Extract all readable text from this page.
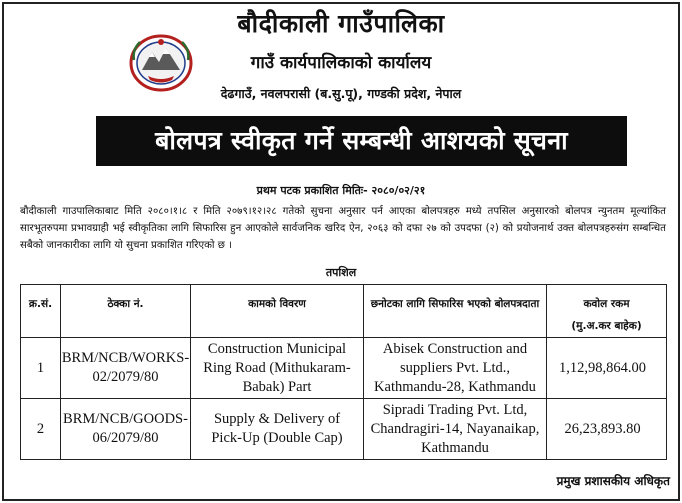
बौदीकाली गाउँपालिका
गाउँ कार्यपालिकाको कार्यालय
देढगाउँ, नवलपरासी (ब.सु.पू), गण्डकी प्रदेश, नेपाल
बोलपत्र स्वीकृत गर्ने सम्बन्धी आशयको सूचना
प्रथम पटक प्रकाशित मितिः- २०८०/०२/२१
बौदीकाली गाउपालिकाबाट मिति २०८०।१।८ र मिति २०७९।१२।२८ गतेको सुचना अनुसार पर्न आएका बोलपत्रहरु मध्ये तपसिल अनुसारको बोलपत्र न्युनतम मूल्यांकित सारभूतरुपमा प्रभावग्राही भई स्वीकृतिका लागि सिफारिस हुन आएकोले सार्वजनिक खरिद ऐन, २०६३ को दफा २७ को उपदफा (२) को प्रयोजनार्थ उक्त बोलपत्रहरुसंग सम्बन्धित सबैको जानकारीका लागि यो सुचना प्रकाशित गरिएको छ ।
तपशिल
क्र.सं.	ठेक्का नं.	कामको विवरण	छनोटका लागि सिफारिस भएको बोलपत्रदाता	कवोल रकम
(मु.अ.कर बाहेक)

1	BRM/NCB/WORKS-02/2079/80	Construction Municipal Ring Road (Mithukaram-Babak) Part	Abisek Construction and suppliers Pvt. Ltd., Kathmandu-28, Kathmandu	1,12,98,864.00
2	BRM/NCB/GOODS-06/2079/80	Supply & Delivery of Pick-Up (Double Cap)	Sipradi Trading Pvt. Ltd, Chandragiri-14, Nayanaikap, Kathmandu	26,23,893.80
प्रमुख प्रशासकीय अधिकृत
